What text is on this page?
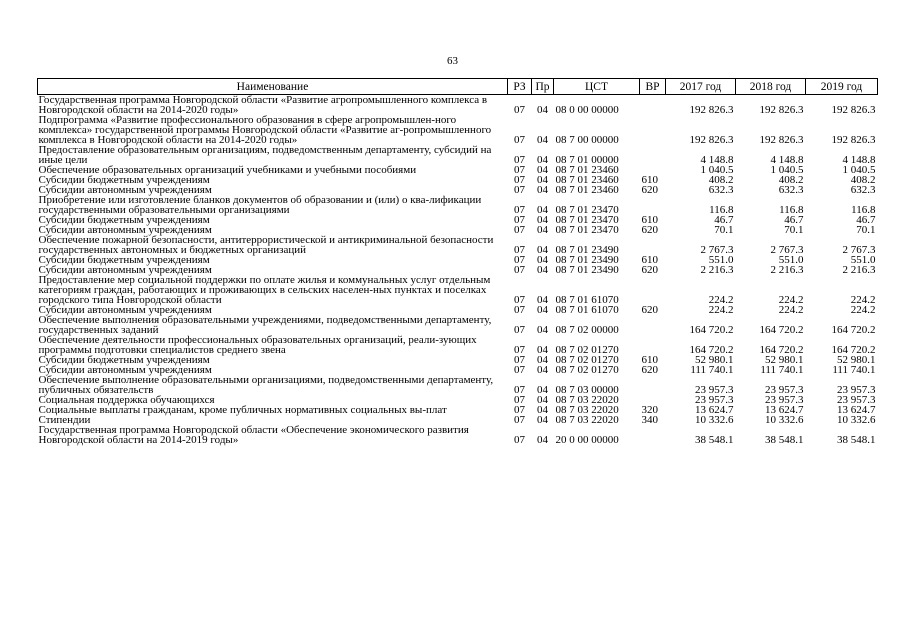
63
Наименование	РЗ	Пр	ЦСТ	ВР	2017 год	2018 год	2019 год
Государственная программа Новгородской области «Развитие агропромышленного комплекса в Новгородской области на 2014-2020 годы»	07	04	08 0 00 00000		192 826.3	192 826.3	192 826.3
Подпрограмма «Развитие профессионального образования в сфере агропромышлен-ного комплекса» государственной программы Новгородской области «Развитие аг-ропромышленного комплекса в Новгородской области на 2014-2020 годы»	07	04	08 7 00 00000		192 826.3	192 826.3	192 826.3
Предоставление образовательным организациям, подведомственным департаменту, субсидий на иные цели	07	04	08 7 01 00000		4 148.8	4 148.8	4 148.8
Обеспечение образовательных организаций учебниками и учебными пособиями	07	04	08 7 01 23460		1 040.5	1 040.5	1 040.5
Субсидии бюджетным учреждениям	07	04	08 7 01 23460	610	408.2	408.2	408.2
Субсидии автономным учреждениям	07	04	08 7 01 23460	620	632.3	632.3	632.3
Приобретение или изготовление бланков документов об образовании и (или) о ква-лификации государственными образовательными организациями	07	04	08 7 01 23470		116.8	116.8	116.8
Субсидии бюджетным учреждениям	07	04	08 7 01 23470	610	46.7	46.7	46.7
Субсидии автономным учреждениям	07	04	08 7 01 23470	620	70.1	70.1	70.1
Обеспечение пожарной безопасности, антитеррористической и антикриминальной безопасности государственных автономных и бюджетных организаций	07	04	08 7 01 23490		2 767.3	2 767.3	2 767.3
Субсидии бюджетным учреждениям	07	04	08 7 01 23490	610	551.0	551.0	551.0
Субсидии автономным учреждениям	07	04	08 7 01 23490	620	2 216.3	2 216.3	2 216.3
Предоставление мер социальной поддержки по оплате жилья и коммунальных услуг отдельным категориям граждан, работающих и проживающих в сельских населен-ных пунктах и поселках городского типа Новгородской области	07	04	08 7 01 61070		224.2	224.2	224.2
Субсидии автономным учреждениям	07	04	08 7 01 61070	620	224.2	224.2	224.2
Обеспечение выполнения образовательными учреждениями, подведомственными департаменту, государственных заданий	07	04	08 7 02 00000		164 720.2	164 720.2	164 720.2
Обеспечение деятельности профессиональных образовательных организаций, реали-зующих программы подготовки специалистов среднего звена	07	04	08 7 02 01270		164 720.2	164 720.2	164 720.2
Субсидии бюджетным учреждениям	07	04	08 7 02 01270	610	52 980.1	52 980.1	52 980.1
Субсидии автономным учреждениям	07	04	08 7 02 01270	620	111 740.1	111 740.1	111 740.1
Обеспечение выполнение образовательными организациями, подведомственными департаменту, публичных обязательств	07	04	08 7 03 00000		23 957.3	23 957.3	23 957.3
Социальная поддержка обучающихся	07	04	08 7 03 22020		23 957.3	23 957.3	23 957.3
Социальные выплаты гражданам, кроме публичных нормативных социальных вы-плат	07	04	08 7 03 22020	320	13 624.7	13 624.7	13 624.7
Стипендии	07	04	08 7 03 22020	340	10 332.6	10 332.6	10 332.6
Государственная программа Новгородской области «Обеспечение экономического развития Новгородской области на 2014-2019 годы»	07	04	20 0 00 00000		38 548.1	38 548.1	38 548.1
